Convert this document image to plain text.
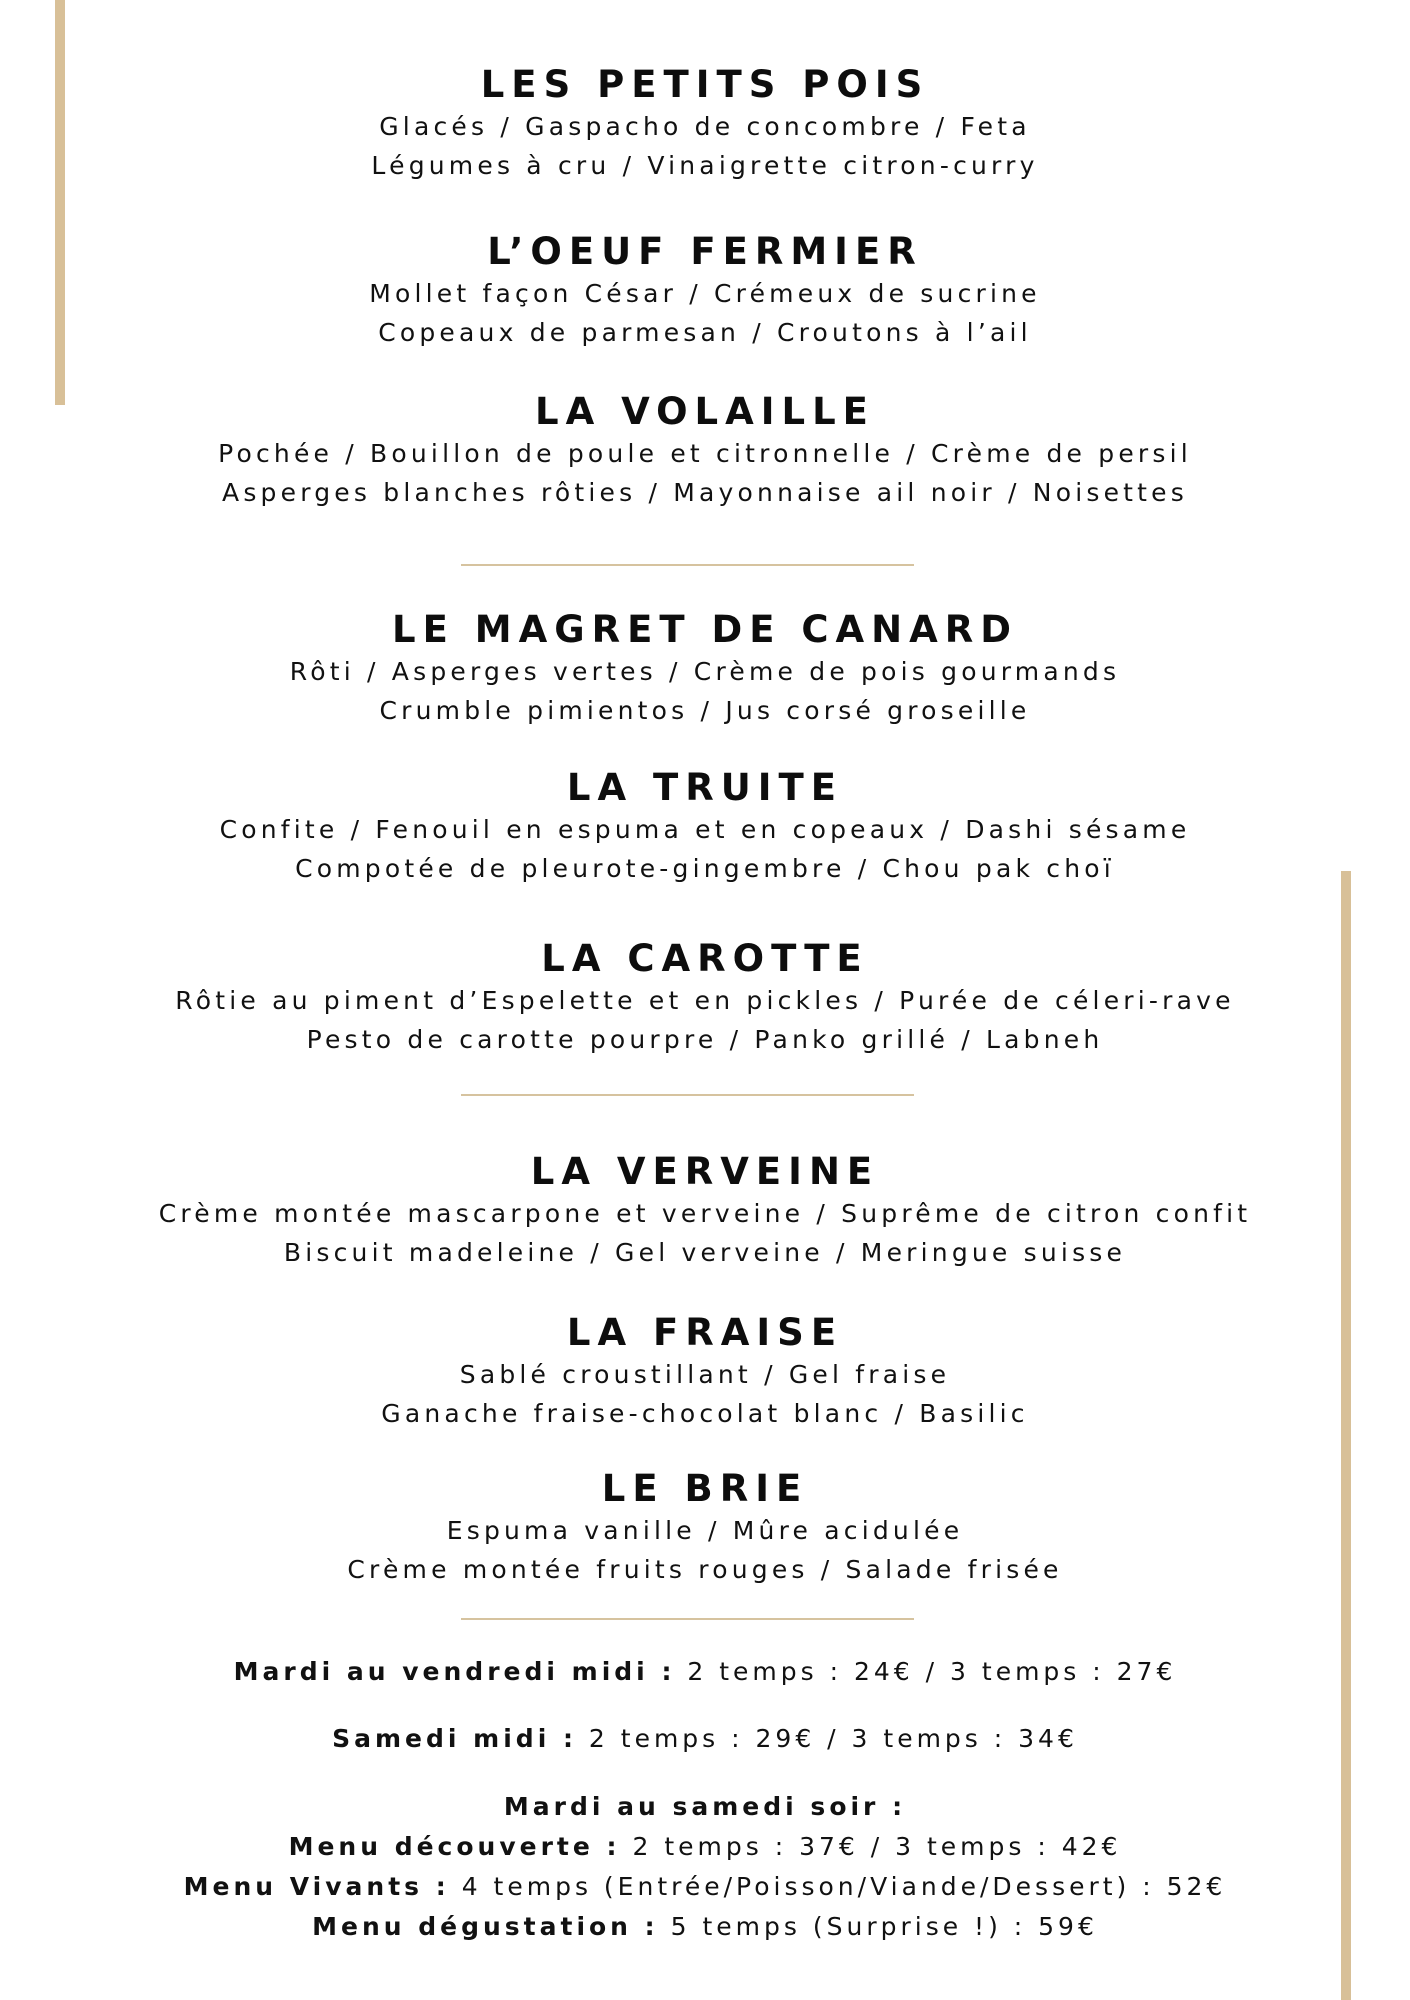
LES PETITS POIS
Glacés / Gaspacho de concombre / Feta
Légumes à cru / Vinaigrette citron-curry
L’OEUF FERMIER
Mollet façon César / Crémeux de sucrine
Copeaux de parmesan / Croutons à l’ail
LA VOLAILLE
Pochée / Bouillon de poule et citronnelle / Crème de persil
Asperges blanches rôties / Mayonnaise ail noir / Noisettes
LE MAGRET DE CANARD
Rôti / Asperges vertes / Crème de pois gourmands
Crumble pimientos / Jus corsé groseille
LA TRUITE
Confite / Fenouil en espuma et en copeaux / Dashi sésame
Compotée de pleurote-gingembre / Chou pak choï
LA CAROTTE
Rôtie au piment d’Espelette et en pickles / Purée de céleri-rave
Pesto de carotte pourpre / Panko grillé / Labneh
LA VERVEINE
Crème montée mascarpone et verveine / Suprême de citron confit
Biscuit madeleine / Gel verveine / Meringue suisse
LA FRAISE
Sablé croustillant / Gel fraise
Ganache fraise-chocolat blanc / Basilic
LE BRIE
Espuma vanille / Mûre acidulée
Crème montée fruits rouges / Salade frisée
Mardi au vendredi midi : 2 temps : 24€ / 3 temps : 27€
Samedi midi : 2 temps : 29€ / 3 temps : 34€
Mardi au samedi soir :
Menu découverte : 2 temps : 37€ / 3 temps : 42€
Menu Vivants : 4 temps (Entrée/Poisson/Viande/Dessert) : 52€
Menu dégustation : 5 temps (Surprise !) : 59€
